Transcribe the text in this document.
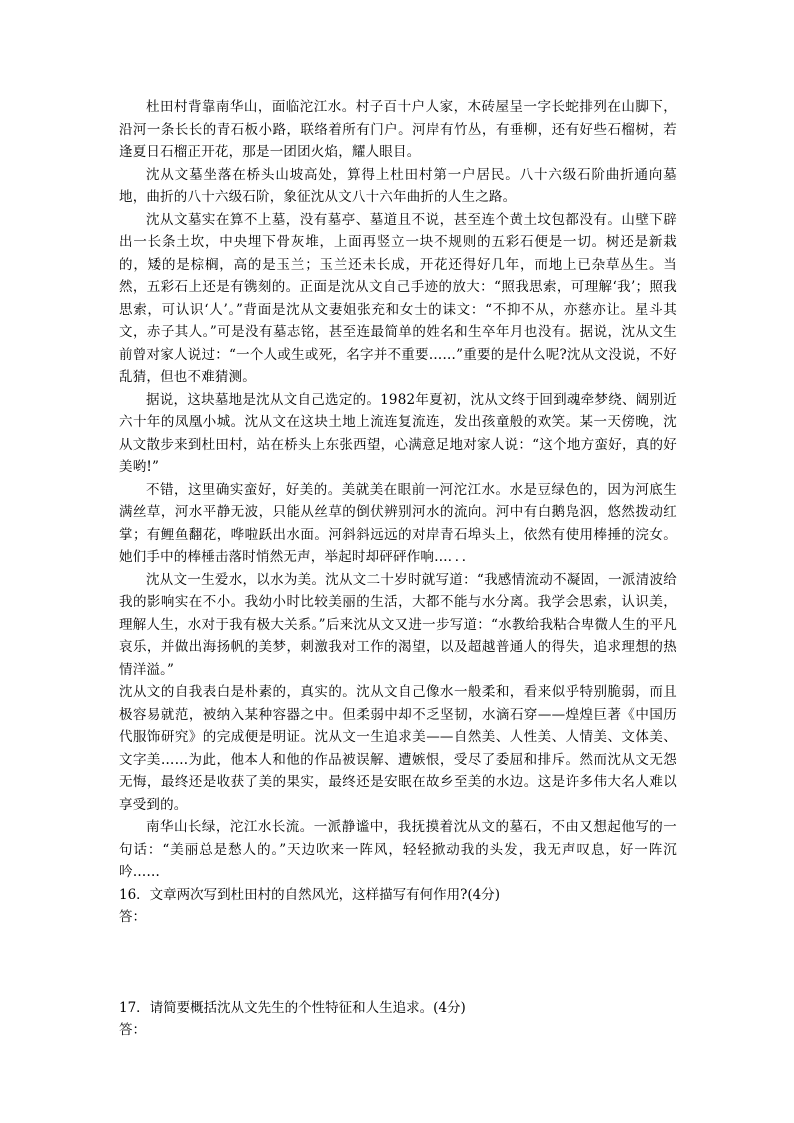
杜田村背靠南华山，面临沱江水。村子百十户人家，木砖屋呈一字长蛇排列在山脚下，沿河一条长长的青石板小路，联络着所有门户。河岸有竹丛，有垂柳，还有好些石榴树，若逢夏日石榴正开花，那是一团团火焰，耀人眼目。

沈从文墓坐落在桥头山坡高处，算得上杜田村第一户居民。八十六级石阶曲折通向墓地，曲折的八十六级石阶，象征沈从文八十六年曲折的人生之路。

沈从文墓实在算不上墓，没有墓亭、墓道且不说，甚至连个黄土坟包都没有。山壁下辟出一长条土坎，中央埋下骨灰堆，上面再竖立一块不规则的五彩石便是一切。树还是新栽的，矮的是棕榈，高的是玉兰；玉兰还未长成，开花还得好几年，而地上已杂草丛生。当然，五彩石上还是有镌刻的。正面是沈从文自己手迹的放大：“照我思索，可理解‘我’；照我思索，可认识‘人’。”背面是沈从文妻姐张充和女士的诔文：“不抑不从，亦慈亦让。星斗其文，赤子其人。”可是没有墓志铭，甚至连最简单的姓名和生卒年月也没有。据说，沈从文生前曾对家人说过：“一个人或生或死，名字并不重要……”重要的是什么呢?沈从文没说，不好乱猜，但也不难猜测。

据说，这块墓地是沈从文自己选定的。1982年夏初，沈从文终于回到魂牵梦绕、阔别近六十年的凤凰小城。沈从文在这块土地上流连复流连，发出孩童般的欢笑。某一天傍晚，沈从文散步来到杜田村，站在桥头上东张西望，心满意足地对家人说：“这个地方蛮好，真的好美哟!”

不错，这里确实蛮好，好美的。美就美在眼前一河沱江水。水是豆绿色的，因为河底生满丝草，河水平静无波，只能从丝草的倒伏辨别河水的流向。河中有白鹅凫泅，悠然拨动红掌；有鲤鱼翻花，哗啦跃出水面。河斜斜远远的对岸青石埠头上，依然有使用棒捶的浣女。她们手中的棒棰击落时悄然无声，举起时却砰砰作响…．．．

沈从文一生爱水，以水为美。沈从文二十岁时就写道：“我感情流动不凝固，一派清波给我的影响实在不小。我幼小时比较美丽的生活，大都不能与水分离。我学会思索，认识美，理解人生，水对于我有极大关系。”后来沈从文又进一步写道：“水教给我粘合卑微人生的平凡哀乐，并做出海扬帆的美梦，刺激我对工作的渴望，以及超越普通人的得失，追求理想的热情洋溢。”

沈从文的自我表白是朴素的，真实的。沈从文自己像水一般柔和，看来似乎特别脆弱，而且极容易就范，被纳入某种容器之中。但柔弱中却不乏坚韧，水滴石穿——煌煌巨著《中国历代服饰研究》的完成便是明证。沈从文一生追求美——自然美、人性美、人情美、文体美、文字美……为此，他本人和他的作品被误解、遭嫉恨，受尽了委屈和排斥。然而沈从文无怨无悔，最终还是收获了美的果实，最终还是安眠在故乡至美的水边。这是许多伟大名人难以享受到的。

南华山长绿，沱江水长流。一派静谧中，我抚摸着沈从文的墓石，不由又想起他写的一句话：“美丽总是愁人的。”天边吹来一阵风，轻轻掀动我的头发，我无声叹息，好一阵沉吟……

16．文章两次写到杜田村的自然风光，这样描写有何作用?(4分)

答：

17．请简要概括沈从文先生的个性特征和人生追求。(4分)

答：
